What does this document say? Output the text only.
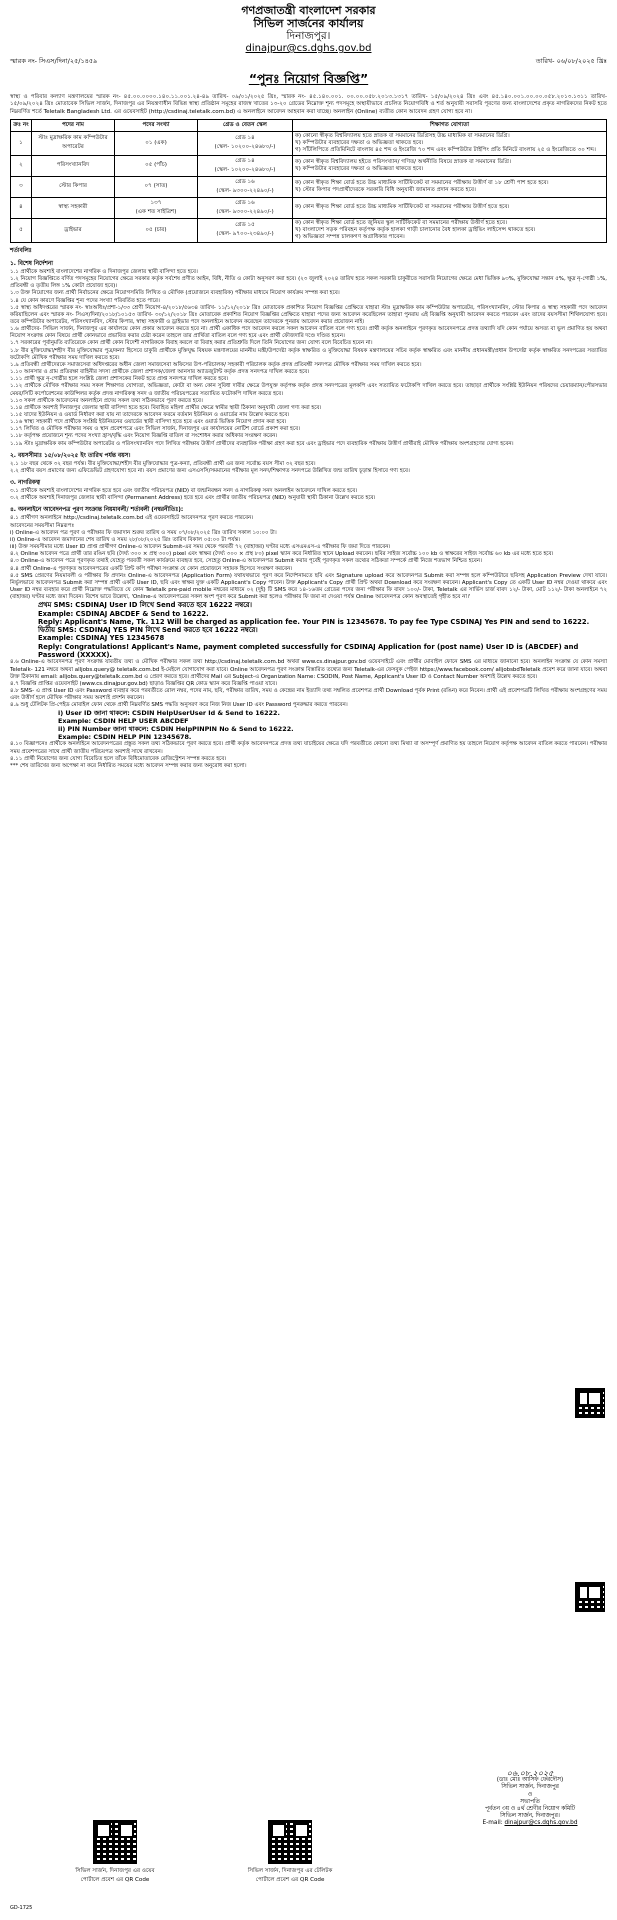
গণপ্রজাতন্ত্রী বাংলাদেশ সরকার
সিভিল সার্জনের কার্যালয়
দিনাজপুর।
dinajpur@cs.dghs.gov.bd
স্মারক নং- সিএস/দিনা/২৫/১৪৫৯	তারিখ- ০৬/০৮/২০২৫ খ্রিঃ
“পুনঃ নিয়োগ বিজ্ঞপ্তি”

স্বাস্থ্য ও পরিবার কল্যাণ মন্ত্রণালয়ের স্মারক নং- ৪৫.০০.০০০০.১৪০.১১.০০১.২৪-৪৯ তারিখ- ০৯/০১/২০২৫ খ্রিঃ, স্মারক নং- ৪৫.১৪০.০০১. ০০.০০.০৫৮.২০১৩.১৩১৭ তারিখ- ১৫/০৯/২০২৪ খ্রিঃ এবং ৪৫.১৪০.০০১.০০.০০.০৫৮.২০১৩.১৩১১ তারিখ- ১৫/০৯/২০২৪ খ্রিঃ মোতাবেক সিভিল সার্জন, দিনাজপুর এর নিয়ন্ত্রণাধীন বিভিন্ন স্বাস্থ্য প্রতিষ্ঠান সমূহের রাজস্ব খাতের ১৩-২০ গ্রেডের নিম্নোক্ত শূন্য পদসমূহে অস্থায়ীভাবে প্রচলিত নিয়োগবিধি ও শর্ত অনুযায়ী সরাসরি পূরণের জন্য বাংলাদেশের প্রকৃত নাগরিকদের নিকট হতে নিম্নবর্ণিত শর্তে Teletalk Bangladesh Ltd. এর ওয়েবসাইট (http://csdinaj.teletalk.com.bd) এ অনলাইনে আবেদন আহবান করা যাচ্ছে। অনলাইন (Online) ব্যতীত কোন আবেদন গ্রহণ যোগ্য হবে না।

ক্রঃ নং	পদের নাম	পদের সংখ্যা	গ্রেড ও বেতন স্কেল	শিক্ষাগত যোগ্যতা
১	স্টাঃ মুদ্রাক্ষরিক কাম কম্পিউটার অপারেটর	০১ (এক)	গ্রেড ১৪
(স্কেল- ১০২০০-২৪৬৮০/-)	ক) কোনো স্বীকৃত বিশ্ববিদ্যালয় হতে স্নাতক বা সমমানের ডিগ্রিসহ উচ্চ মাধ্যমিক বা সমমানের ডিগ্রি।
খ) কম্পিউটার ব্যবহারের দক্ষতা ও অভিজ্ঞতা থাকতে হবে।
গ) সাঁটলিপিতে প্রতিমিনিটে বাংলায় ৪৫ শব্দ ও ইংরেজি ৭০ শব্দ এবং কম্পিউটার টাইপিং প্রতি মিনিটে বাংলায় ২৫ ও ইংরেজিতে ৩০ শব্দ।
২	পরিসংখ্যানবিদ	০৫ (পাঁচ)	গ্রেড ১৪
(স্কেল- ১০২০০-২৪৬৮০/-)	ক) কোন স্বীকৃত বিশ্ববিদ্যালয় হইতে পরিসংখ্যান/ গণিত/ অর্থনীতি বিষয়ে স্নাতক বা সমমানের ডিগ্রি।
খ) কম্পিউটার ব্যবহারের দক্ষতা ও অভিজ্ঞতা থাকতে হবে।
৩	স্টোর কিপার	০৭ (সাত)	গ্রেড ১৬
(স্কেল- ৯৩০০-২২৪৯০/-)	ক) কোন স্বীকৃত শিক্ষা বোর্ড হতে উচ্চ মাধ্যমিক সার্টিফিকেট বা সমমানের পরীক্ষায় উত্তীর্ণ বা ১৮ শ্রেণী পাশ হতে হবে।
খ) স্টোর কিপার পদপ্রার্থীদেরকে সরকারি বিধি অনুযায়ী জামানত প্রদান করতে হবে।
৪	স্বাস্থ্য সহকারী	১৩৭
(এক শত সাইত্রিশ)	গ্রেড ১৬
(স্কেল- ৯৩০০-২২৪৯০/-)	ক) কোন স্বীকৃত শিক্ষা বোর্ড হতে উচ্চ মাধ্যমিক সার্টিফিকেট বা সমমানের পরীক্ষায় উত্তীর্ণ হতে হবে।
৫	ড্রাইভার	০৫ (চার)	গ্রেড ১৫
(স্কেল- ৯৭০০-২৩৪৯০/-)	ক) কোন স্বীকৃত শিক্ষা বোর্ড হতে জুনিয়র স্কুল সার্টিফিকেট বা সমমানের পরীক্ষায় উত্তীর্ণ হতে হবে।
খ) বাংলাদেশ সড়ক পরিবহন কর্তৃপক্ষ কর্তৃক হালকা গাড়ী চালানোর বৈধ হালকা ড্রাইভিং লাইসেন্স থাকতে হবে।
গ) অভিজ্ঞতা সম্পন্ন চালকগণ অগ্রাধিকার পাবেন।
শর্তাবলিঃ
১. বিশেষ নির্দেশনা

১.১ প্রার্থীকে অবশ্যই বাংলাদেশের নাগরিক ও দিনাজপুর জেলার স্থায়ী বাসিন্দা হতে হবে।

১.২ নিয়োগ বিজ্ঞপ্তিতে বর্ণিত পদসমূহের নিয়োগের ক্ষেত্রে সরকার কর্তৃক সর্বশেষ প্রণীত আইন, বিধি, নীতি ও কোটা অনুসরণ করা হবে। (২৩ জুলাই ২০২৪ তারিখ হতে সকল সরকারি চাকুরীতে সরাসরি নিয়োগের ক্ষেত্রে মেধা ভিত্তিক ৯৩%, মুক্তিযোদ্ধা সন্তান ৫%, ক্ষুদ্র নৃ-গোষ্ঠী ১%, প্রতিবন্ধী ও তৃতীয় লিঙ্গ ১% কোটা প্রযোজ্য হবে)।

১.৩ উক্ত নিয়োগের জন্য প্রার্থী নির্বাচনের ক্ষেত্রে নিয়োগসমিতি লিখিত ও মৌখিক (প্রয়োজনে ব্যবহারিক) পরীক্ষার মাধ্যমে নিয়োগ কার্যক্রম সম্পন্ন করা হবে।

১.৪ যে কোন কারণে বিজ্ঞপ্তির শূন্য পদের সংখ্যা পরিবর্তিত হতে পারে।

১.৫ স্বাস্থ্য অধিদপ্তরের স্মারক নং- স্বাঃঅধিঃ/প্রশা-১/৩৩ শ্রেণী নিয়োগ-৪/২০১৮/৫৬৩৪ তারিখ- ১১/১২/২০১৮ খ্রিঃ মোতাবেক প্রকাশিত নিয়োগ বিজ্ঞপ্তির প্রেক্ষিতে যাহারা স্টাঃ মুদ্রাক্ষরিক কাম কম্পিউটার অপারেটর, পরিসংখ্যানবিদ, স্টোর কিপার ও স্বাস্থ্য সহকারী পদে আবেদন করিয়াছিলেন এবং স্মারক নং- সিএস/দিনা/২০১৮/১০১৫৩ তারিখ- ৩০/১২/২০১৮ খ্রিঃ মোতাবেক প্রকাশিত নিয়োগ বিজ্ঞপ্তির প্রেক্ষিতে যাহারা পদের জন্য আবেদন করেছিলেন তাহারা পুনরায় এই বিজ্ঞপ্তি অনুযায়ী আবেদন করতে পারবেন এবং তাদের বয়সসীমা শিথিলযোগ্য হবে। তবে কম্পিউটার অপারেটর, পরিসংখ্যানবিদ, স্টোর কিপার, স্বাস্থ্য সহকারী ও ড্রাইভার পদে অনলাইনে আবেদন করেছেন তাদেরকে পুনরায় আবেদন করার প্রয়োজন নাই।

১.৬ প্রার্থীদের- সিভিল সার্জন, দিনাজপুর এর কার্যালয়ে কোন প্রকার আবেদন করতে হবে না। প্রার্থী একাধিক পদে আবেদন করলে সকল আবেদন বাতিল বলে গণ্য হবে। প্রার্থী কর্তৃক অনলাইনে পূরণকৃত আবেদনপত্রে প্রদত্ত তথ্যাদি যদি কোন পর্যায়ে অসত্য বা ভুল প্রমাণিত হয় অথবা নিয়োগ সংক্রান্ত কোন বিষয়ে প্রার্থী কোনভাবে প্রভাবিত করার চেষ্টা করেন তাহলে তার প্রার্থিতা বাতিল বলে গণ্য হবে এবং প্রার্থী ফৌজদারি দণ্ডে দণ্ডিত হবেন।

১.৭ সরকারের পূর্বানুমতি ব্যতিরেকে কোন প্রার্থী কোন বিদেশী নাগরিককে বিবাহ করলে বা বিবাহ করার প্রতিশ্রুতি দিলে তিনি নিয়োগের জন্য যোগ্য বলে বিবেচিত হবেন না।

১.৮ বীর মুক্তিযোদ্ধা/শহীদ বীর মুক্তিযোদ্ধার পুত্র/কন্যা হিসেবে চাকুরি প্রার্থীকে মুক্তিযুদ্ধ বিষয়ক মন্ত্রণালয়ের মাননীয় মন্ত্রী/উপদেষ্টা কর্তৃক স্বাক্ষরিত ও মুক্তিযোদ্ধা বিষয়ক মন্ত্রণালয়ের সচিব কর্তৃক স্বাক্ষরিত এবং মাননীয় প্রধানমন্ত্রী/প্রধান উপদেষ্টা কর্তৃক স্বাক্ষরিত সনদপত্রের সত্যায়িত ফটোকপি মৌখিক পরীক্ষার সময় দাখিল করতে হবে।

১.৯ প্রতিবন্ধী প্রার্থীদেরকে সমাজসেবা অধিদপ্তরের অধীন জেলা সমাজসেবা অফিসের উপ-পরিচালক/ সহকারী পরিচালক কর্তৃক প্রদত্ত প্রতিবন্ধী সনদপত্র মৌখিক পরীক্ষার সময় দাখিল করতে হবে।

১.১০ আনসার ও গ্রাম প্রতিরক্ষা বাহিনীর সদস্য প্রার্থীকে জেলা প্রশাসক/জেলা আনসার অ্যাডজুটান্ট কর্তৃক প্রদত্ত সনদপত্র দাখিল করতে হবে।

১.১১ প্রার্থী ক্ষুদ্র নৃ-গোষ্ঠীর হলে সংশ্লিষ্ট জেলা প্রশাসকের নিকট হতে প্রাপ্ত সনদপত্র দাখিল করতে হবে।

১.১২ প্রার্থীকে মৌখিক পরীক্ষার সময় সকল শিক্ষাগত যোগ্যতা, অভিজ্ঞতা, কোটা বা অন্য কোন সুবিধা দাবীর ক্ষেত্রে উপযুক্ত কর্তৃপক্ষ কর্তৃক প্রদত্ত সনদপত্রের মূলকপি এবং সত্যায়িত ফটোকপি দাখিল করতে হবে। তাছাড়া প্রার্থীকে সংশ্লিষ্ট ইউনিয়ন পরিষদের চেয়ারম্যান/পৌরসভার মেয়র/সিটি কর্পোরেশনের কাউন্সিলর কর্তৃক প্রদত্ত নাগরিকত্ব সনদ ও জাতীয় পরিচয়পত্রের সত্যায়িত ফটোকপি দাখিল করতে হবে।

১.১৩ সকল প্রার্থীকে আবেদনের অনলাইনে প্রদেয় সকল তথ্য সঠিকভাবে পূরণ করতে হবে।

১.১৪ প্রার্থীকে অবশ্যই দিনাজপুর জেলার স্থায়ী বাসিন্দা হতে হবে। বিবাহিত মহিলা প্রার্থীর ক্ষেত্রে স্বামীর স্থায়ী ঠিকানা অনুযায়ী জেলা গণ্য করা হবে।

১.১৫ যাদের ইউনিয়ন ও ওয়ার্ড নির্ধারণ করা যায় না তাদেরকে আবেদন ফরমে বর্তমান ইউনিয়ন ও ওয়ার্ডের নাম উল্লেখ করতে হবে।

১.১৬ স্বাস্থ্য সহকারী পদে প্রার্থীকে সংশ্লিষ্ট ইউনিয়নের ওয়ার্ডের স্থায়ী বাসিন্দা হতে হবে এবং ওয়ার্ড ভিত্তিক নিয়োগ প্রদান করা হবে।

১.১৭ লিখিত ও মৌখিক পরীক্ষার সময় ও স্থান প্রবেশপত্রে এবং সিভিল সার্জন, দিনাজপুর এর কার্যালয়ের নোটিশ বোর্ডে প্রকাশ করা হবে।

১.১৮ কর্তৃপক্ষ প্রয়োজনে শূন্য পদের সংখ্যা হ্রাস/বৃদ্ধি এবং নিয়োগ বিজ্ঞপ্তি বাতিল বা সংশোধন করার অধিকার সংরক্ষণ করেন।

১.১৯ স্টাঃ মুদ্রাক্ষরিক কাম কম্পিউটার অপারেটর ও পরিসংখ্যানবিদ পদে লিখিত পরীক্ষায় উত্তীর্ণ প্রার্থীদের ব্যবহারিক পরীক্ষা গ্রহণ করা হবে এবং ড্রাইভার পদে ব্যবহারিক পরীক্ষায় উত্তীর্ণ প্রার্থীরাই মৌখিক পরীক্ষায় অংশগ্রহণের যোগ্য হবেন।

২. বয়সসীমাঃ ১৫/০৮/২০২৫ ইং তারিখ পর্যন্ত বয়স।

২.১ ১৮ বছর থেকে ৩২ বছর পর্যন্ত। বীর মুক্তিযোদ্ধা/শহীদ বীর মুক্তিযোদ্ধার পুত্র-কন্যা, প্রতিবন্ধী প্রার্থী এর জন্য সর্বোচ্চ বয়স সীমা ৩২ বছর হবে।

২.২ প্রার্থীর বয়স প্রমাণের জন্য এফিডেভিট গ্রহণযোগ্য হবে না। বয়স প্রমাণের জন্য এসএসসি/সমমানের পরীক্ষার মূল সনদ/শিক্ষাগত সনদপত্রে উল্লিখিত জন্ম তারিখ চূড়ান্ত হিসাবে গণ্য হবে।

৩. নাগরিকত্ব

৩.১ প্রার্থীকে অবশ্যই বাংলাদেশের নাগরিক হতে হবে এবং জাতীয় পরিচয়পত্র (NID) বা জন্মনিবন্ধন সনদ ও নাগরিকত্ব সনদ অনলাইন আবেদনে দাখিল করতে হবে।

৩.২ প্রার্থীকে অবশ্যই দিনাজপুর জেলার স্থায়ী বাসিন্দা (Permanent Address) হতে হবে এবং প্রার্থীর জাতীয় পরিচয়পত্র (NID) অনুযায়ী স্থায়ী ঠিকানা উল্লেখ করতে হবে।

৪. অনলাইনে আবেদনপত্র পূরণ সংক্রান্ত নিয়মাবলী/ শর্তাবলী (নম্বরনীতিঃ):

৪.১ প্রার্থীগণ অনলাইনে http://csdinaj.teletalk.com.bd এই ওয়েবসাইটে আবেদনপত্র পূরণ করতে পারবেন।

আবেদনের সময়সীমা নিম্নরূপঃ

i) Online-এ আবেদন পত্র পূরণ ও পরীক্ষার ফি জমাদান শুরুর তারিখ ও সময় ০৭/০৮/২০২৫ খ্রিঃ তারিখ সকাল ১০:০০ টা।

ii) Online-এ আবেদন জমাদানের শেষ তারিখ ও সময় ২৮/০৮/২০২৫ খ্রিঃ তারিখ বিকাল ০৫:০০ টা পর্যন্ত।

iii) উক্ত সময়সীমার মধ্যে User ID প্রাপ্ত প্রার্থীগণ Online-এ আবেদন Submit-এর সময় থেকে পরবর্তী ৭২ (বাহাত্তর) ঘণ্টার মধ্যে এসএমএস-এ পরীক্ষার ফি জমা দিতে পারবেন।

৪.২ Online আবেদন পত্রে প্রার্থী তার রঙিন ছবি (দৈর্ঘ্য ৩০০ × প্রস্থ ৩০০) pixel এবং স্বাক্ষর (দৈর্ঘ্য ৩০০ × প্রস্থ ৮০) pixel স্ক্যান করে নির্ধারিত স্থানে Upload করবেন। ছবির সাইজ সর্বোচ্চ ১০০ kb ও স্বাক্ষরের সাইজ সর্বোচ্চ ৬০ kb এর মধ্যে হতে হবে।

৪.৩ Online-এ আবেদন পত্রে পূরণকৃত তথ্যই যেহেতু পরবর্তী সকল কার্যক্রমে ব্যবহৃত হবে, সেহেতু Online-এ আবেদনপত্র Submit করার পূর্বেই পূরণকৃত সকল তথ্যের সঠিকতা সম্পর্কে প্রার্থী নিজে শতভাগ নিশ্চিত হবেন।

৪.৪ প্রার্থী Online-এ পূরণকৃত আবেদনপত্রের একটি প্রিন্ট কপি পরীক্ষা সংক্রান্ত যে কোন প্রয়োজনে সহায়ক হিসেবে সংরক্ষণ করবেন।

৪.৫ SMS প্রেরণের নিয়মাবলী ও পরীক্ষার ফি প্রদানঃ Online-এ আবেদনপত্র (Application Form) যথাযথভাবে পূরণ করে নির্দেশনামতে ছবি এবং Signature upload করে আবেদনপত্র Submit করা সম্পন্ন হলে কম্পিউটারে ছবিসহ Application Preview দেখা যাবে। নির্ভুলভাবে আবেদনপত্র Submit করা সম্পন্ন প্রার্থী একটি User ID, ছবি এবং স্বাক্ষর যুক্ত একটি Applicant's Copy পাবেন। উক্ত Applicant's Copy প্রার্থী প্রিন্ট অথবা Download করে সংরক্ষণ করবেন। Applicant's Copy তে একটি User ID নম্বর দেওয়া থাকবে এবং User ID নম্বর ব্যবহার করে প্রার্থী নিম্নোক্ত পদ্ধতিতে যে কোন Teletalk pre-paid mobile নম্বরের মাধ্যমে ০২ (দুই) টি SMS করে ১৪-১৬তম গ্রেডের পদের জন্য পরীক্ষার ফি বাবদ ১০০/- টাকা, Teletalk এর সার্ভিস চার্জ বাবদ ১২/- টাকা, মোট ১১২/- টাকা অনলাইনে ৭২ (বাহাত্তর) ঘণ্টার মধ্যে জমা দিবেন। বিশেষ ভাবে উল্লেখ্য, 'Online-এ আবেদনপত্রের সকল অংশ পূরণ করে Submit করা হলেও পরীক্ষার ফি জমা না দেওয়া পর্যন্ত Online আবেদনপত্র কোন অবস্থাতেই গৃহীত হবে না।'

প্রথম SMS: CSDINAJ User ID লিখে Send করতে হবে 16222 নম্বরে।

Example: CSDINAJ ABCDEF & Send to 16222.

Reply: Applicant's Name, Tk. 112 Will be charged as application fee. Your PIN is 12345678. To pay fee Type CSDINAJ Yes PIN and send to 16222.

দ্বিতীয় SMS: CSDINAJ YES PIN লিখে Send করতে হবে 16222 নম্বরে।

Example: CSDINAJ YES 12345678

Reply: Congratulations! Applicant's Name, payment completed successfully for CSDINAJ Application for (post name) User ID is (ABCDEF) and Password (XXXXX).

৪.৬ Online-এ আবেদনপত্র পূরণ সংক্রান্ত যাবতীয় তথ্য ও মৌখিক পরীক্ষার সকল তথ্য http://csdinaj.teletalk.com.bd অথবা www.cs.dinajpur.gov.bd ওয়েবসাইটে এবং প্রার্থীর মোবাইল ফোনে SMS এর মাধ্যমে জানানো হবে। অনলাইন সংক্রান্ত যে কোন সমস্যা Teletalk- 121 নম্বরে অথবা alljobs.query@ teletalk.com.bd ই-মেইলে যোগাযোগ করা যাবে। Online আবেদনপত্র পূরণ সংক্রান্ত বিস্তারিত তথ্যের জন্য Teletalk-এর ফেসবুক পেইজ https://www.facebook.com/ alljobsbdTeletalk প্রবেশ করে জানা যাবে। অথবা উক্ত ঠিকানায় email: alljobs.query@teletalk.com.bd এ প্রেরণ করতে হবে। প্রার্থীদের Mail এর Subject-এ Organization Name: CSODIN, Post Name, Applicant's User ID ও Contact Number অবশ্যই উল্লেখ করতে হবে।

৪.৭ বিজ্ঞপ্তি প্রাপ্তির ওয়েবসাইট (www.cs.dinajpur.gov.bd) ছাড়াও বিজ্ঞপ্তির QR কোড স্ক্যান করে বিজ্ঞপ্তি পাওয়া যাবে।

৪.৮ SMS- এ প্রাপ্ত User ID এবং Password ব্যবহার করে পরবর্তীতে রোল নম্বর, পদের নাম, ছবি, পরীক্ষার তারিখ, সময় ও কেন্দ্রের নাম ইত্যাদি তথ্য সম্বলিত প্রবেশপত্র প্রার্থী Download পূর্বক Print (রঙিন) করে নিবেন। প্রার্থী এই প্রবেশপত্রটি লিখিত পরীক্ষায় অংশগ্রহণের সময় এবং উত্তীর্ণ হলে মৌখিক পরীক্ষার সময় অবশ্যই প্রদর্শন করবেন।

৪.৯ শুধু টেলিটক প্রি-পেইড মোবাইল ফোন থেকে প্রার্থী নিম্নবর্ণিত SMS পদ্ধতি অনুসরণ করে নিজ নিজ User ID এবং Password পুনরুদ্ধার করতে পারবেন।

i) User ID জানা থাকলে: CSDIN HelpUserUser Id & Send to 16222.

Example: CSDIN HELP USER ABCDEF

ii) PIN Number জানা থাকলে: CSDIN HelpPINPIN No & Send to 16222.

Example: CSDIN HELP PIN 12345678.

৪.১০ বিজ্ঞাপনেঃ প্রার্থীকে অনলাইনে আবেদনপত্রের প্রস্তুত সকল তথ্য সঠিকভাবে পূরণ করতে হবে। প্রার্থী কর্তৃক আবেদনপত্রে প্রদত্ত তথ্য যাচাইয়ের ক্ষেত্রে যদি পরবর্তীতে কোনো তথ্য মিথ্যা বা অসম্পূর্ণ প্রমাণিত হয় তাহলে নিয়োগ কর্তৃপক্ষ আবেদন বাতিল করতে পারবেন। পরীক্ষার সময় প্রবেশপত্রের সাথে প্রার্থী জাতীয় পরিচয়পত্র অবশ্যই সাথে রাখবেন।

৪.১১ প্রার্থী নিয়োগের জন্য যোগ্য বিবেচিত হলে তাঁকে বিধিমোতাবেক রেজিস্ট্রেশন সম্পন্ন করতে হবে।

*** শেষ তারিখের জন্য অপেক্ষা না করে নির্ধারিত সময়ের মধ্যে আবেদন সম্পন্ন করার জন্য অনুরোধ করা হলো।

০৬.০৮.২০২৫
(ডাঃ মোঃ আসিফ ফেরদৌস)
সিভিল সার্জন, দিনাজপুর
ও
সভাপতি
পূর্বতন ৩য় ও ৪র্থ শ্রেণীর নিয়োগ কমিটি
সিভিল সার্জন, দিনাজপুর।
E-mail: dinajpur@cs.dghs.gov.bd
সিভিল সার্জন, দিনাজপুর এর ওয়েব
পোর্টালে প্রবেশ এর QR Code

সিভিল সার্জন, দিনাজপুর এর টেলিটক
পোর্টালে প্রবেশ এর QR Code
GD-1725
